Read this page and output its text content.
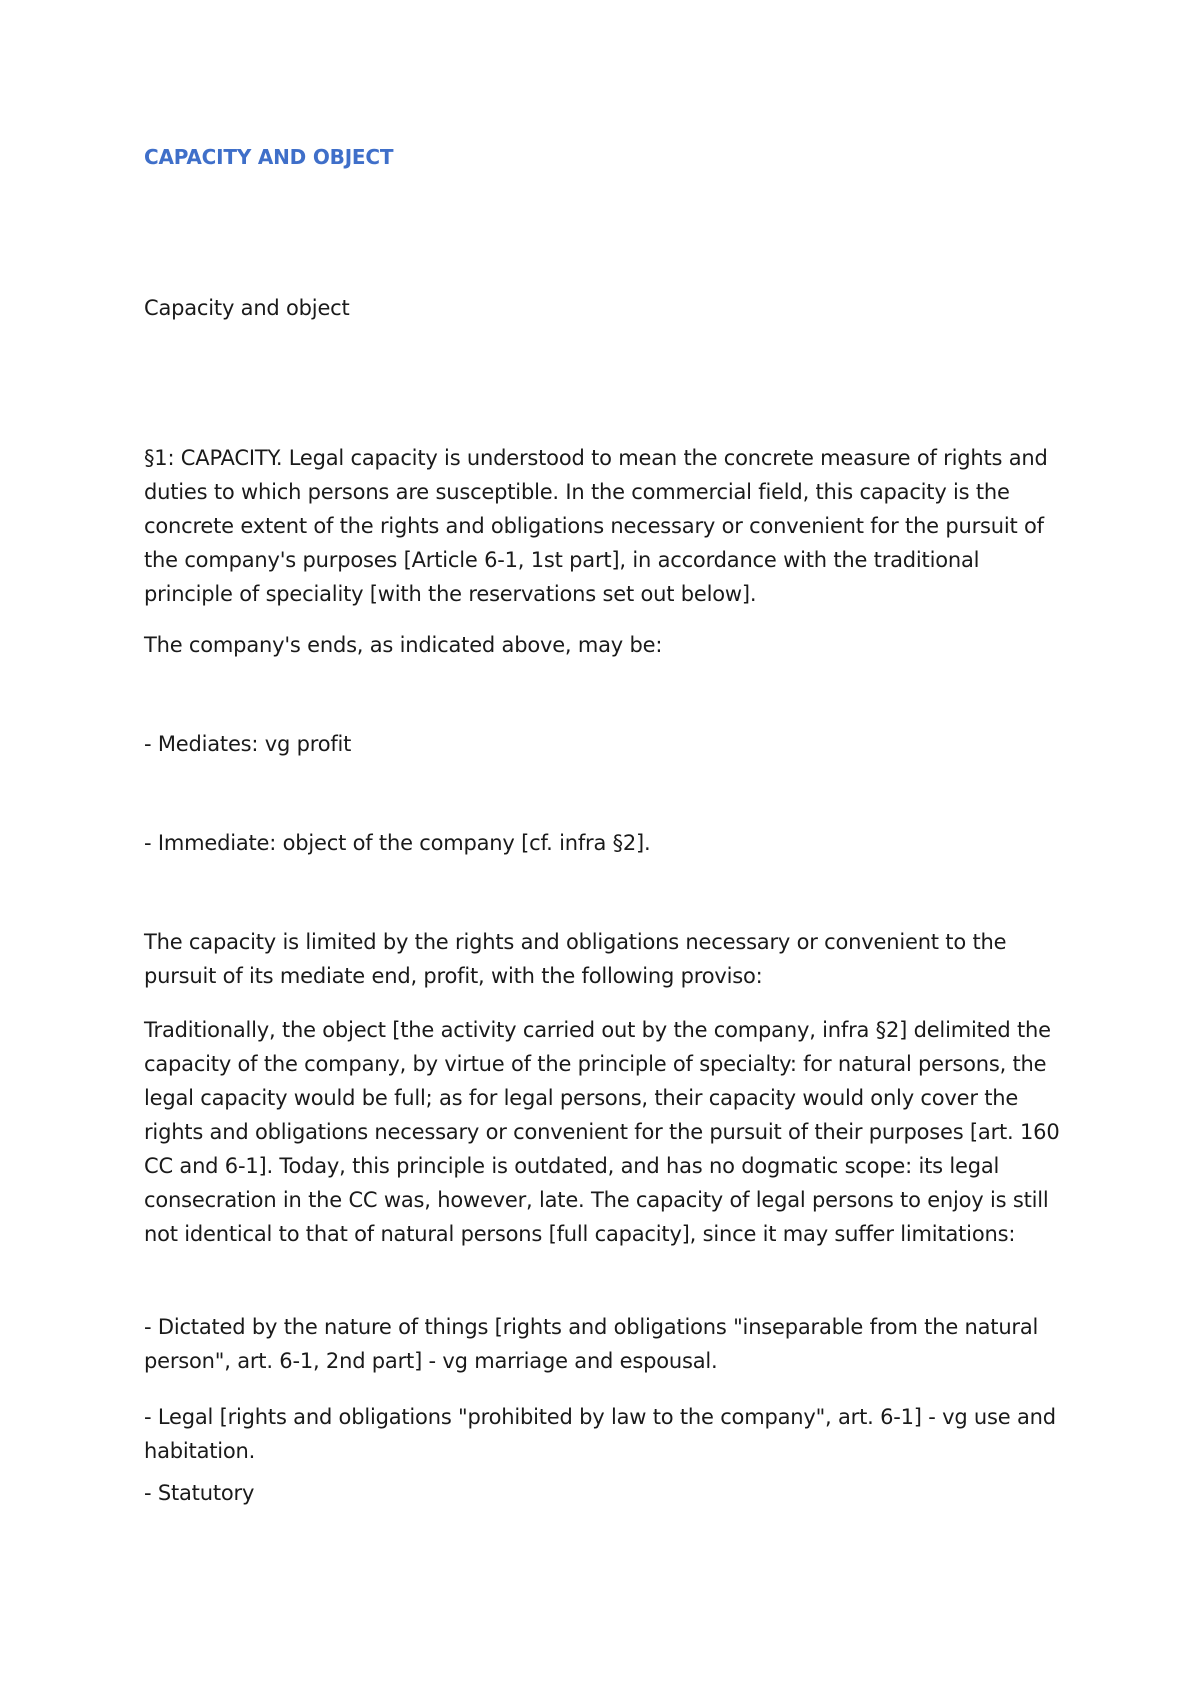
CAPACITY AND OBJECT

Capacity and object

§1: CAPACITY. Legal capacity is understood to mean the concrete measure of rights and duties to which persons are susceptible. In the commercial field, this capacity is the concrete extent of the rights and obligations necessary or convenient for the pursuit of the company's purposes [Article 6-1, 1st part], in accordance with the traditional principle of speciality [with the reservations set out below].

The company's ends, as indicated above, may be:

- Mediates: vg profit

- Immediate: object of the company [cf. infra §2].

The capacity is limited by the rights and obligations necessary or convenient to the pursuit of its mediate end, profit, with the following proviso:

Traditionally, the object [the activity carried out by the company, infra §2] delimited the capacity of the company, by virtue of the principle of specialty: for natural persons, the legal capacity would be full; as for legal persons, their capacity would only cover the rights and obligations necessary or convenient for the pursuit of their purposes [art. 160 CC and 6-1]. Today, this principle is outdated, and has no dogmatic scope: its legal consecration in the CC was, however, late. The capacity of legal persons to enjoy is still not identical to that of natural persons [full capacity], since it may suffer limitations:

- Dictated by the nature of things [rights and obligations "inseparable from the natural person", art. 6-1, 2nd part] - vg marriage and espousal.

- Legal [rights and obligations "prohibited by law to the company", art. 6-1] - vg use and habitation.

- Statutory
